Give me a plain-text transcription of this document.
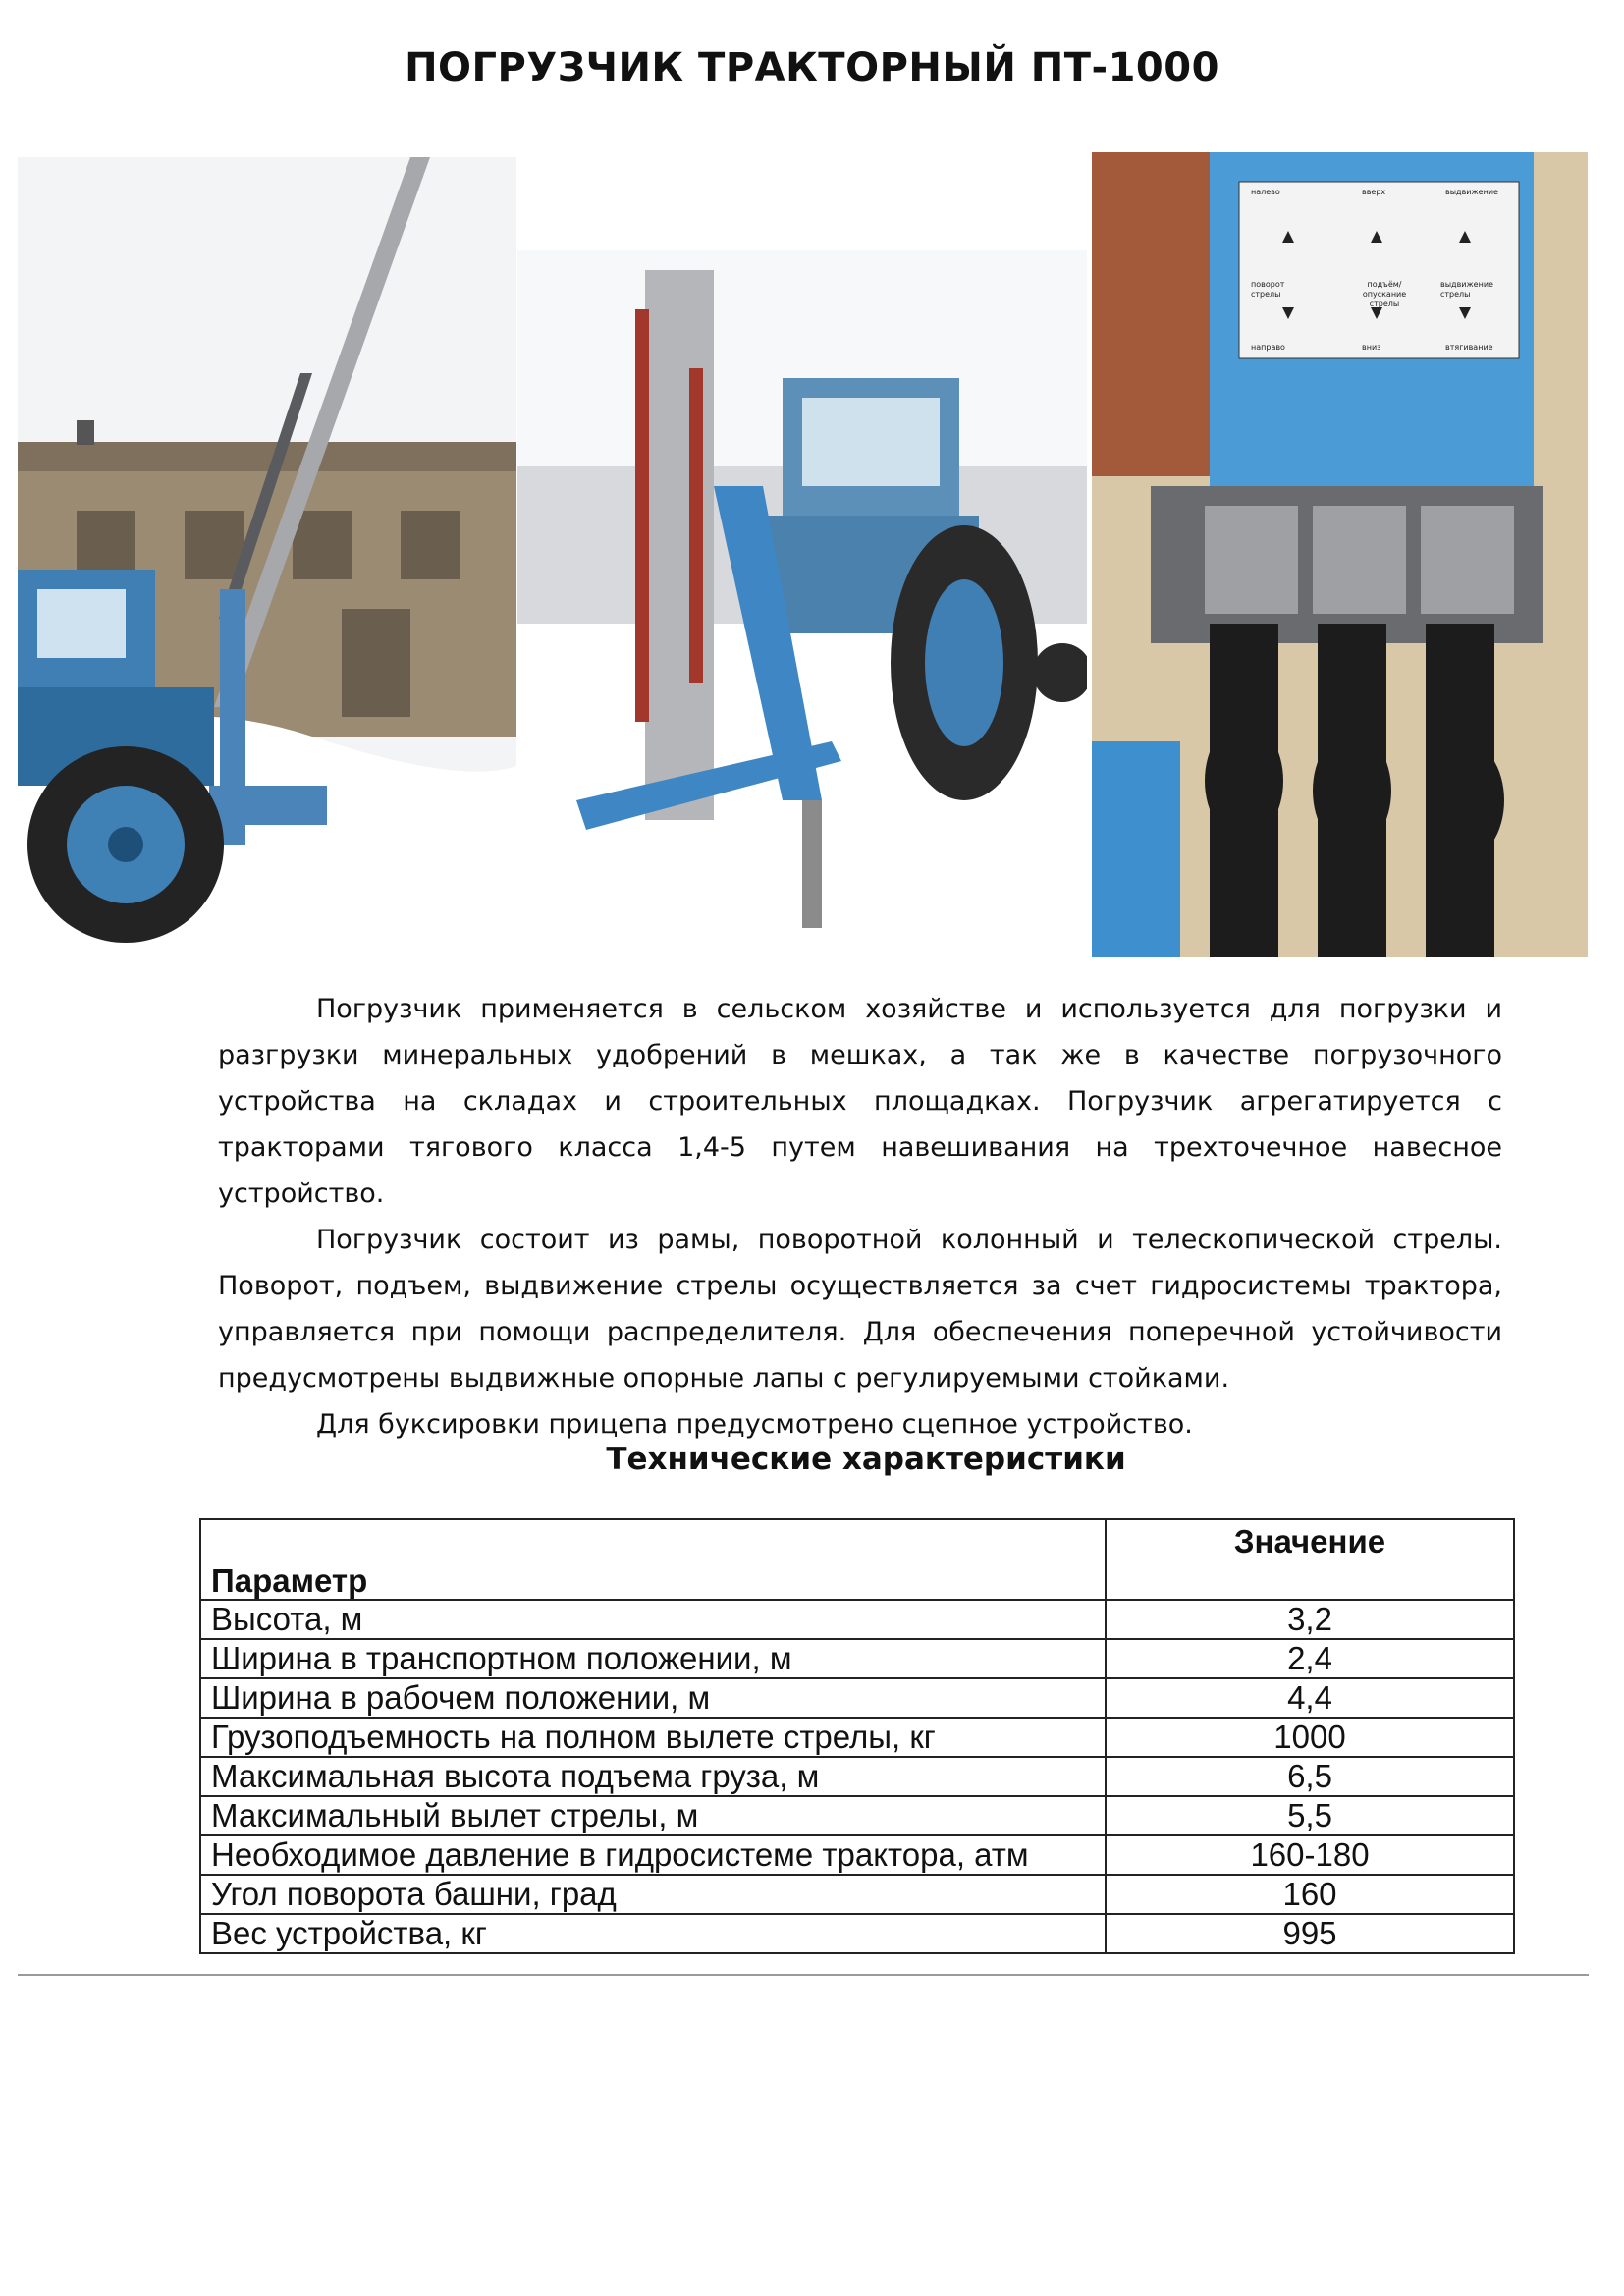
ПОГРУЗЧИК ТРАКТОРНЫЙ ПТ-1000
налево	вверх	выдвижение
поворот стрелы
подъём/ опускание стрелы
выдвижение стрелы
направо	вниз	втягивание

Погрузчик применяется в сельском хозяйстве и используется для погрузки и разгрузки минеральных удобрений в мешках, а так же в качестве погрузочного устройства на складах и строительных площадках. Погрузчик агрегатируется с тракторами тягового класса 1,4-5 путем навешивания на трехточечное навесное устройство.

Погрузчик состоит из рамы, поворотной колонный и телескопической стрелы. Поворот, подъем, выдвижение стрелы осуществляется за счет гидросистемы трактора, управляется при помощи распределителя. Для обеспечения поперечной устойчивости предусмотрены выдвижные опорные лапы с регулируемыми стойками.

Для буксировки прицепа предусмотрено сцепное устройство.

Технические характеристики
Параметр	Значение
Высота, м	3,2
Ширина в транспортном положении, м	2,4
Ширина в рабочем положении, м	4,4
Грузоподъемность на полном вылете стрелы, кг	1000
Максимальная высота подъема груза, м	6,5
Максимальный вылет стрелы, м	5,5
Необходимое давление в гидросистеме трактора, атм	160-180
Угол поворота башни, град	160
Вес устройства, кг	995
